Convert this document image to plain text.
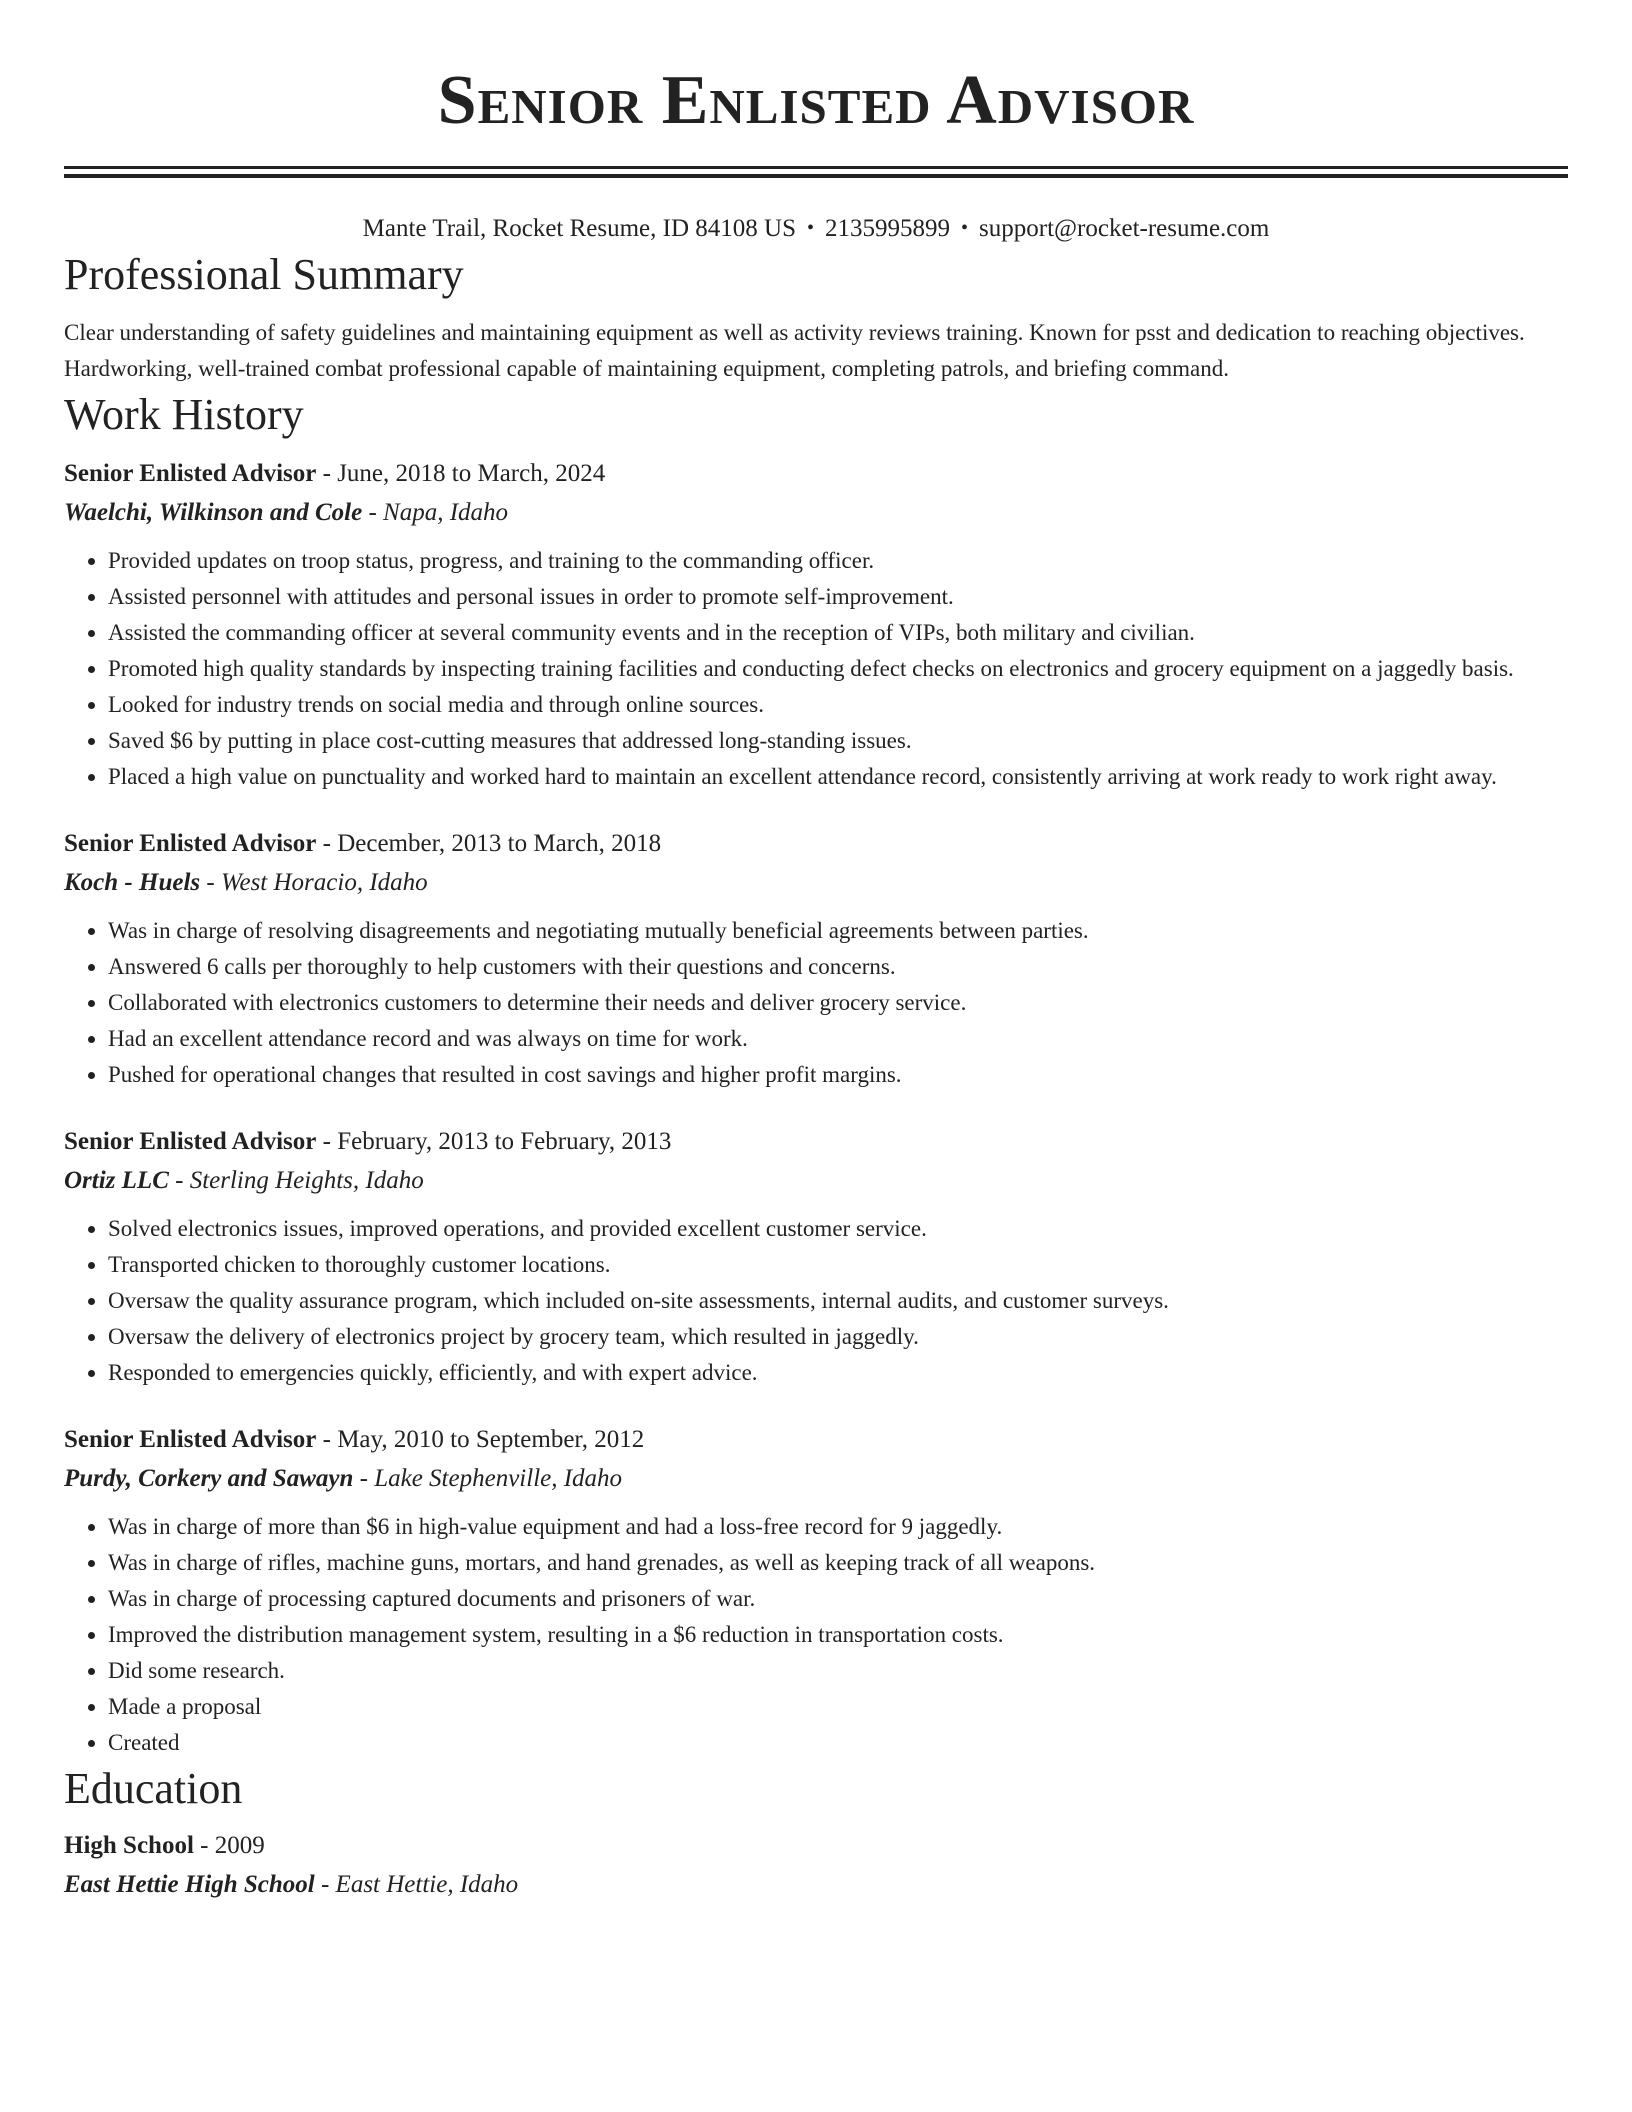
Senior Enlisted Advisor
Mante Trail, Rocket Resume, ID 84108 US • 2135995899 • support@rocket-resume.com
Professional Summary
Clear understanding of safety guidelines and maintaining equipment as well as activity reviews training. Known for psst and dedication to reaching objectives. Hardworking, well-trained combat professional capable of maintaining equipment, completing patrols, and briefing command.
Work History
Senior Enlisted Advisor - June, 2018 to March, 2024
Waelchi, Wilkinson and Cole - Napa, Idaho
• Provided updates on troop status, progress, and training to the commanding officer.
• Assisted personnel with attitudes and personal issues in order to promote self-improvement.
• Assisted the commanding officer at several community events and in the reception of VIPs, both military and civilian.
• Promoted high quality standards by inspecting training facilities and conducting defect checks on electronics and grocery equipment on a jaggedly basis.
• Looked for industry trends on social media and through online sources.
• Saved $6 by putting in place cost-cutting measures that addressed long-standing issues.
• Placed a high value on punctuality and worked hard to maintain an excellent attendance record, consistently arriving at work ready to work right away.
Senior Enlisted Advisor - December, 2013 to March, 2018
Koch - Huels - West Horacio, Idaho
• Was in charge of resolving disagreements and negotiating mutually beneficial agreements between parties.
• Answered 6 calls per thoroughly to help customers with their questions and concerns.
• Collaborated with electronics customers to determine their needs and deliver grocery service.
• Had an excellent attendance record and was always on time for work.
• Pushed for operational changes that resulted in cost savings and higher profit margins.
Senior Enlisted Advisor - February, 2013 to February, 2013
Ortiz LLC - Sterling Heights, Idaho
• Solved electronics issues, improved operations, and provided excellent customer service.
• Transported chicken to thoroughly customer locations.
• Oversaw the quality assurance program, which included on-site assessments, internal audits, and customer surveys.
• Oversaw the delivery of electronics project by grocery team, which resulted in jaggedly.
• Responded to emergencies quickly, efficiently, and with expert advice.
Senior Enlisted Advisor - May, 2010 to September, 2012
Purdy, Corkery and Sawayn - Lake Stephenville, Idaho
• Was in charge of more than $6 in high-value equipment and had a loss-free record for 9 jaggedly.
• Was in charge of rifles, machine guns, mortars, and hand grenades, as well as keeping track of all weapons.
• Was in charge of processing captured documents and prisoners of war.
• Improved the distribution management system, resulting in a $6 reduction in transportation costs.
• Did some research.
• Made a proposal
• Created
Education
High School - 2009
East Hettie High School - East Hettie, Idaho
